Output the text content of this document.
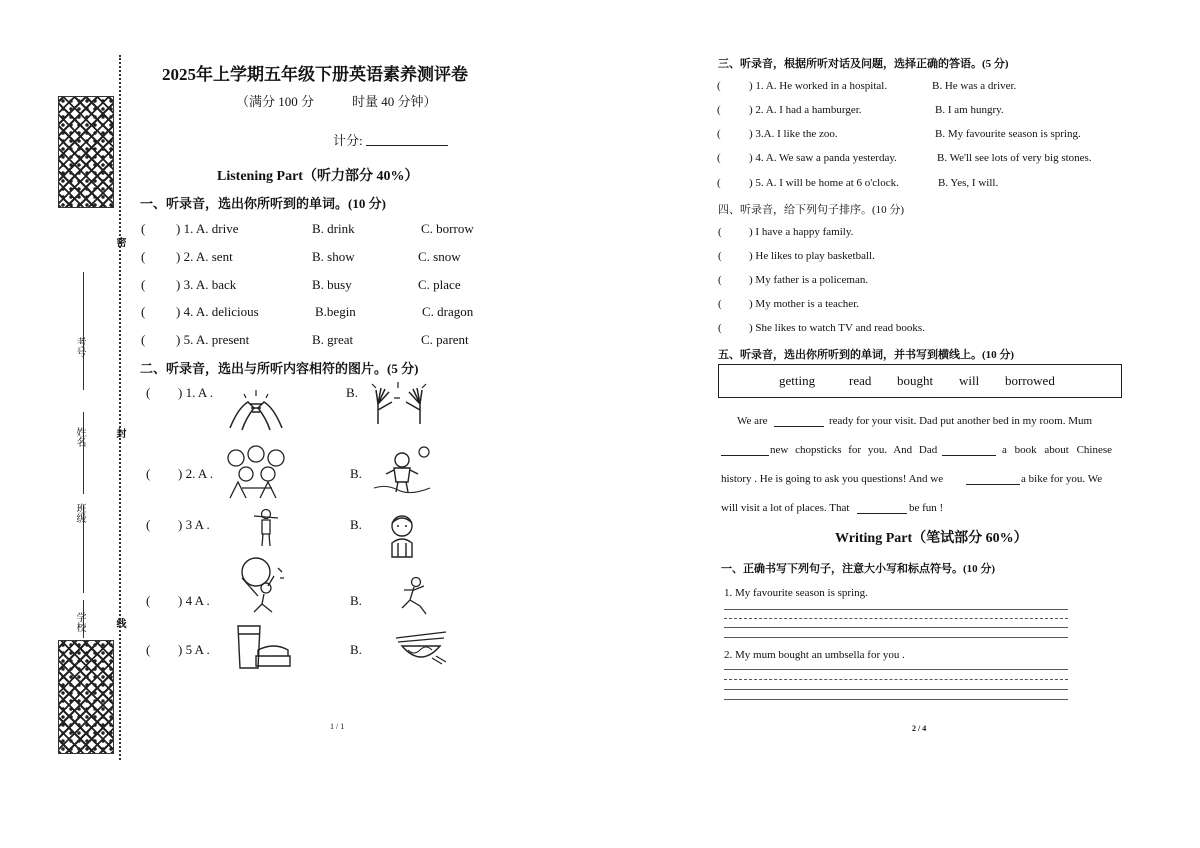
考号
姓名
班级
学校
密
封
线
2025年上学期五年级下册英语素养测评卷
（满分 100 分	时量 40 分钟）
计分:
Listening Part（听力部分 40%）
一、听录音，选出你所听到的单词。(10 分)
( ) 1. A. drive	B. drink	C. borrow
( ) 2. A. sent	B. show	C. snow
( ) 3. A. back	B. busy	C. place
( ) 4. A. delicious	B.begin	C. dragon
( ) 5. A. present	B. great	C. parent
二、听录音，选出与所听内容相符的图片。(5 分)
( ) 1. A .	B.
( ) 2. A .	B.
( ) 3 A .	B.
( ) 4 A .	B.
( ) 5 A .	B.
1 / 1
三、听录音，根据所听对话及问题，选择正确的答语。(5 分)
(	) 1. A. He worked in a hospital.	B. He was a driver.
(	) 2. A. I had a hamburger.	B. I am hungry.
(	) 3.A. I like the zoo.	B. My favourite season is spring.
(	) 4. A. We saw a panda yesterday.	B. We'll see lots of very big stones.
(	) 5. A. I will be home at 6 o'clock.	B. Yes, I will.
四、听录音，给下列句子排序。(10 分)
( ) I have a happy family.
( ) He likes to play basketball.
( ) My father is a policeman.
( ) My mother is a teacher.
( ) She likes to watch TV and read books.
五、听录音，选出你所听到的单词，并书写到横线上。(10 分)
getting	read bought will borrowed
We are	ready for your visit. Dad put another bed in my room. Mum
new chopsticks for you. And Dad	a book about Chinese
history . He is going to ask you questions! And we	a bike for you. We
will visit a lot of places. That	be fun !
Writing Part（笔试部分 60%）
一、正确书写下列句子，注意大小写和标点符号。(10 分)
1. My favourite season is spring.
2. My mum bought an umbsella for you .
2 / 4
